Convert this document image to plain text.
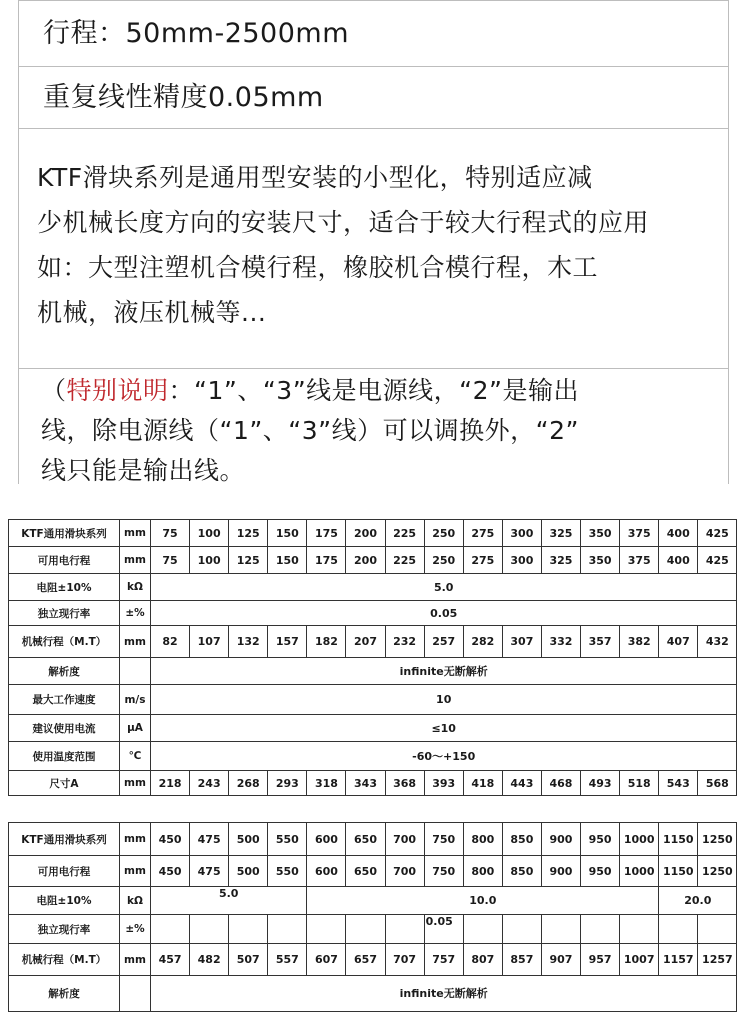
行程：50mm-2500mm
重复线性精度0.05mm
KTF滑块系列是通用型安装的小型化，特别适应减
少机械长度方向的安装尺寸，适合于较大行程式的应用
如：大型注塑机合模行程，橡胶机合模行程，木工
机械，液压机械等...
（特别说明：“1”、“3”线是电源线，“2”是输出
线，除电源线（“1”、“3”线）可以调换外，“2”
线只能是输出线。
KTF通用滑块系列	mm	75	100	125	150	175	200	225	250	275	300	325	350	375	400	425
可用电行程	mm	75	100	125	150	175	200	225	250	275	300	325	350	375	400	425
电阻±10%	kΩ	5.0														
独立现行率	±%	0.05														
机械行程（M.T）	mm	82	107	132	157	182	207	232	257	282	307	332	357	382	407	432
解析度		infinite无断解析														
最大工作速度	m/s	10														
建议使用电流	μA	≤10														
使用温度范围	℃	-60～+150														
尺寸A	mm	218	243	268	293	318	343	368	393	418	443	468	493	518	543	568
KTF通用滑块系列	mm	450	475	500	550	600	650	700	750	800	850	900	950	1000	1150	1250
可用电行程	mm	450	475	500	550	600	650	700	750	800	850	900	950	1000	1150	1250
电阻±10%	kΩ	5.0				10.0									20.0	
独立现行率	±%								0.05							
机械行程（M.T）	mm	457	482	507	557	607	657	707	757	807	857	907	957	1007	1157	1257
解析度		infinite无断解析														
